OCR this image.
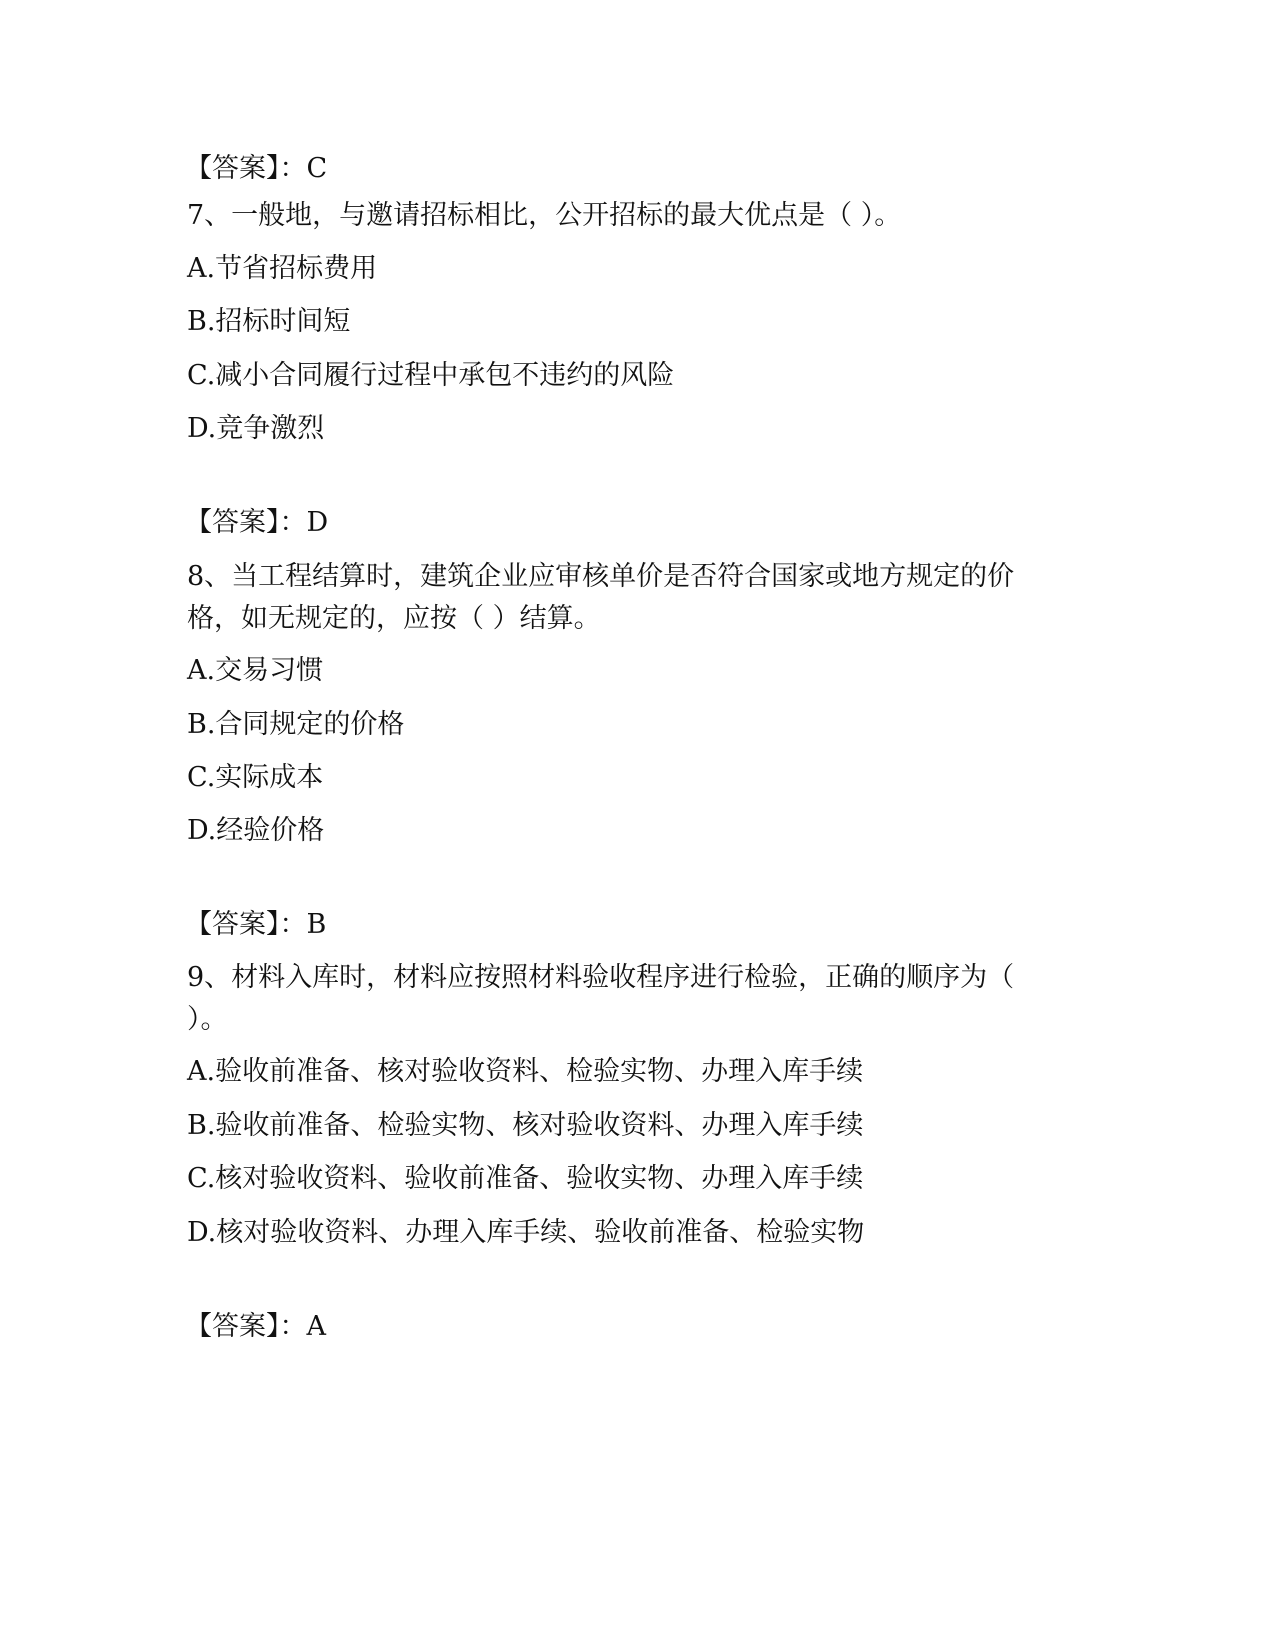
【答案】：C

7、一般地，与邀请招标相比，公开招标的最大优点是（ ）。

A.节省招标费用

B.招标时间短

C.减小合同履行过程中承包不违约的风险

D.竞争激烈

【答案】：D

8、当工程结算时，建筑企业应审核单价是否符合国家或地方规定的价

格，如无规定的，应按（ ）结算。

A.交易习惯

B.合同规定的价格

C.实际成本

D.经验价格

【答案】：B

9、材料入库时，材料应按照材料验收程序进行检验，正确的顺序为（

）。

A.验收前准备、核对验收资料、检验实物、办理入库手续

B.验收前准备、检验实物、核对验收资料、办理入库手续

C.核对验收资料、验收前准备、验收实物、办理入库手续

D.核对验收资料、办理入库手续、验收前准备、检验实物

【答案】：A
